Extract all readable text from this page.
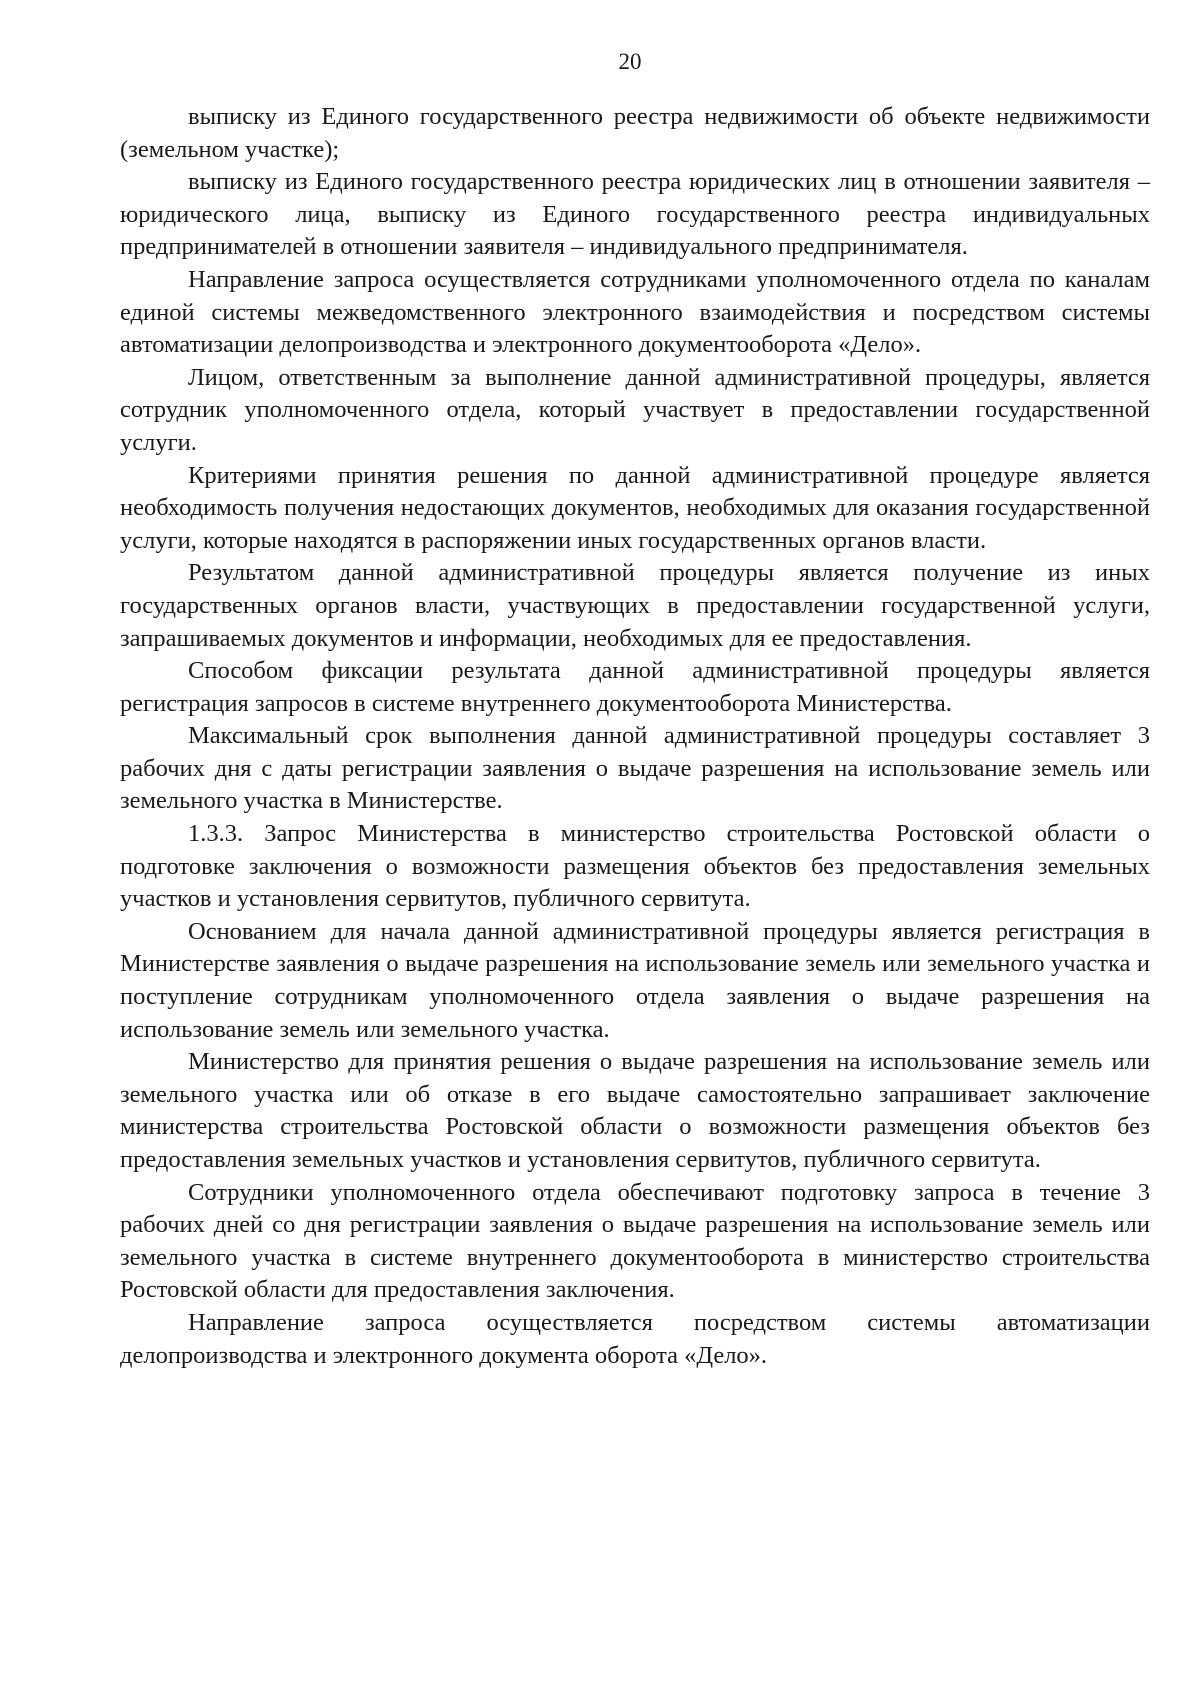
20

выписку из Единого государственного реестра недвижимости об объекте недвижимости (земельном участке);

выписку из Единого государственного реестра юридических лиц в отношении заявителя – юридического лица, выписку из Единого государственного реестра индивидуальных предпринимателей в отношении заявителя – индивидуального предпринимателя.

Направление запроса осуществляется сотрудниками уполномоченного отдела по каналам единой системы межведомственного электронного взаимодействия и посредством системы автоматизации делопроизводства и электронного документооборота «Дело».

Лицом, ответственным за выполнение данной административной процедуры, является сотрудник уполномоченного отдела, который участвует в предоставлении государственной услуги.

Критериями принятия решения по данной административной процедуре является необходимость получения недостающих документов, необходимых для оказания государственной услуги, которые находятся в распоряжении иных государственных органов власти.

Результатом данной административной процедуры является получение из иных государственных органов власти, участвующих в предоставлении государственной услуги, запрашиваемых документов и информации, необходимых для ее предоставления.

Способом фиксации результата данной административной процедуры является регистрация запросов в системе внутреннего документооборота Министерства.

Максимальный срок выполнения данной административной процедуры составляет 3 рабочих дня с даты регистрации заявления о выдаче разрешения на использование земель или земельного участка в Министерстве.

1.3.3. Запрос Министерства в министерство строительства Ростовской области о подготовке заключения о возможности размещения объектов без предоставления земельных участков и установления сервитутов, публичного сервитута.

Основанием для начала данной административной процедуры является регистрация в Министерстве заявления о выдаче разрешения на использование земель или земельного участка и поступление сотрудникам уполномоченного отдела заявления о выдаче разрешения на использование земель или земельного участка.

Министерство для принятия решения о выдаче разрешения на использование земель или земельного участка или об отказе в его выдаче самостоятельно запрашивает заключение министерства строительства Ростовской области о возможности размещения объектов без предоставления земельных участков и установления сервитутов, публичного сервитута.

Сотрудники уполномоченного отдела обеспечивают подготовку запроса в течение 3 рабочих дней со дня регистрации заявления о выдаче разрешения на использование земель или земельного участка в системе внутреннего документооборота в министерство строительства Ростовской области для предоставления заключения.

Направление запроса осуществляется посредством системы автоматизации делопроизводства и электронного документа оборота «Дело».
